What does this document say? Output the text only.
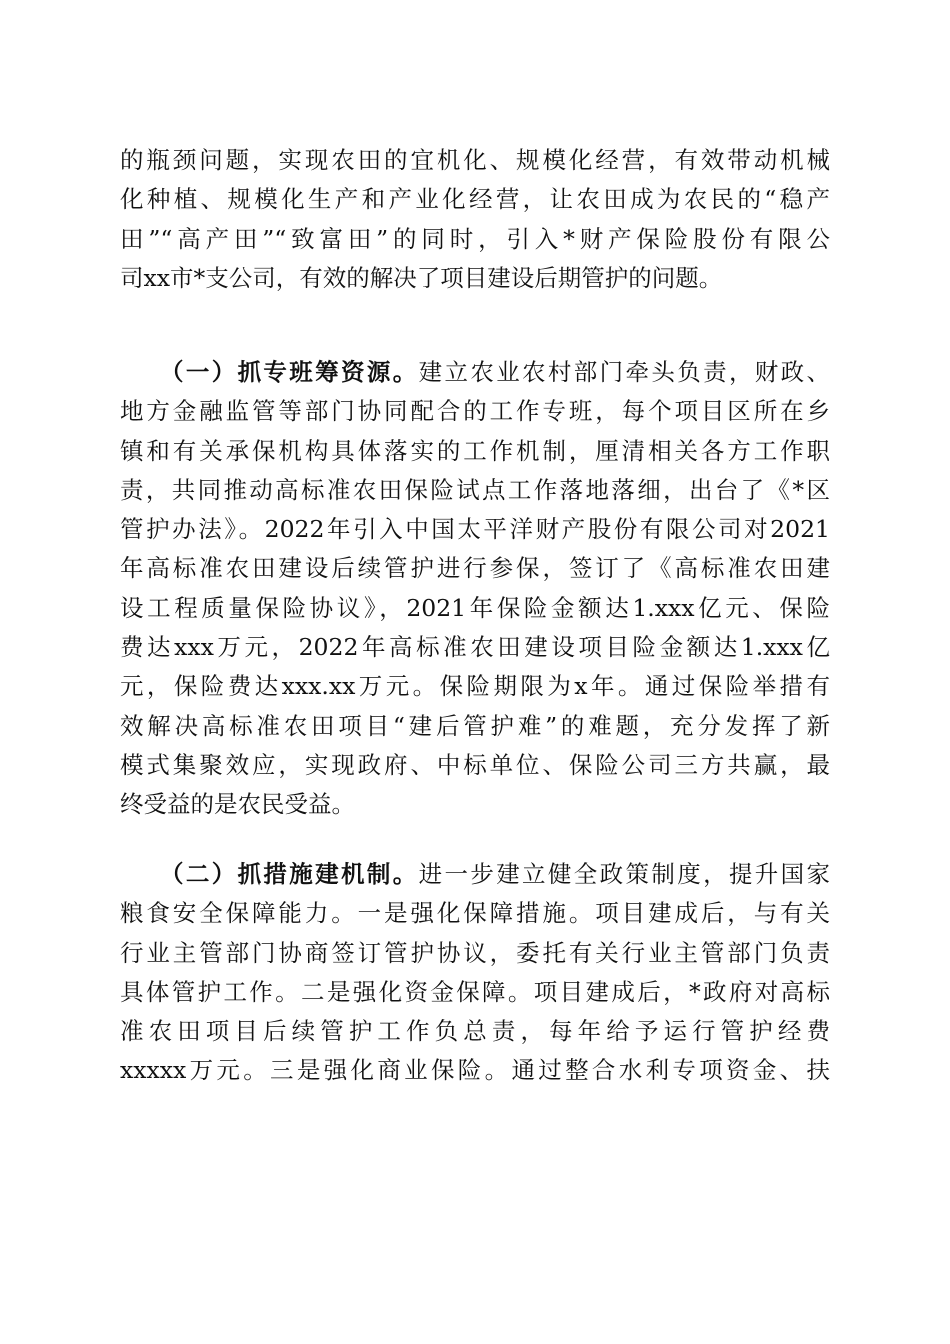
的瓶颈问题，实现农田的宜机化、规模化经营，有效带动机械
化种植、规模化生产和产业化经营，让农田成为农民的“稳产
田”“高产田”“致富田”的同时，引入*财产保险股份有限公
司xx市*支公司，有效的解决了项目建设后期管护的问题。
　　（一）抓专班筹资源。建立农业农村部门牵头负责，财政、
地方金融监管等部门协同配合的工作专班，每个项目区所在乡
镇和有关承保机构具体落实的工作机制，厘清相关各方工作职
责，共同推动高标准农田保险试点工作落地落细，出台了《*区
管护办法》。2022年引入中国太平洋财产股份有限公司对2021
年高标准农田建设后续管护进行参保，签订了《高标准农田建
设工程质量保险协议》，2021年保险金额达1.xxx亿元、保险
费达xxx万元，2022年高标准农田建设项目险金额达1.xxx亿
元，保险费达xxx.xx万元。保险期限为x年。通过保险举措有
效解决高标准农田项目“建后管护难”的难题，充分发挥了新
模式集聚效应，实现政府、中标单位、保险公司三方共赢，最
终受益的是农民受益。
　　（二）抓措施建机制。进一步建立健全政策制度，提升国家
粮食安全保障能力。一是强化保障措施。项目建成后，与有关
行业主管部门协商签订管护协议，委托有关行业主管部门负责
具体管护工作。二是强化资金保障。项目建成后，*政府对高标
准农田项目后续管护工作负总责，每年给予运行管护经费
xxxxx万元。三是强化商业保险。通过整合水利专项资金、扶
